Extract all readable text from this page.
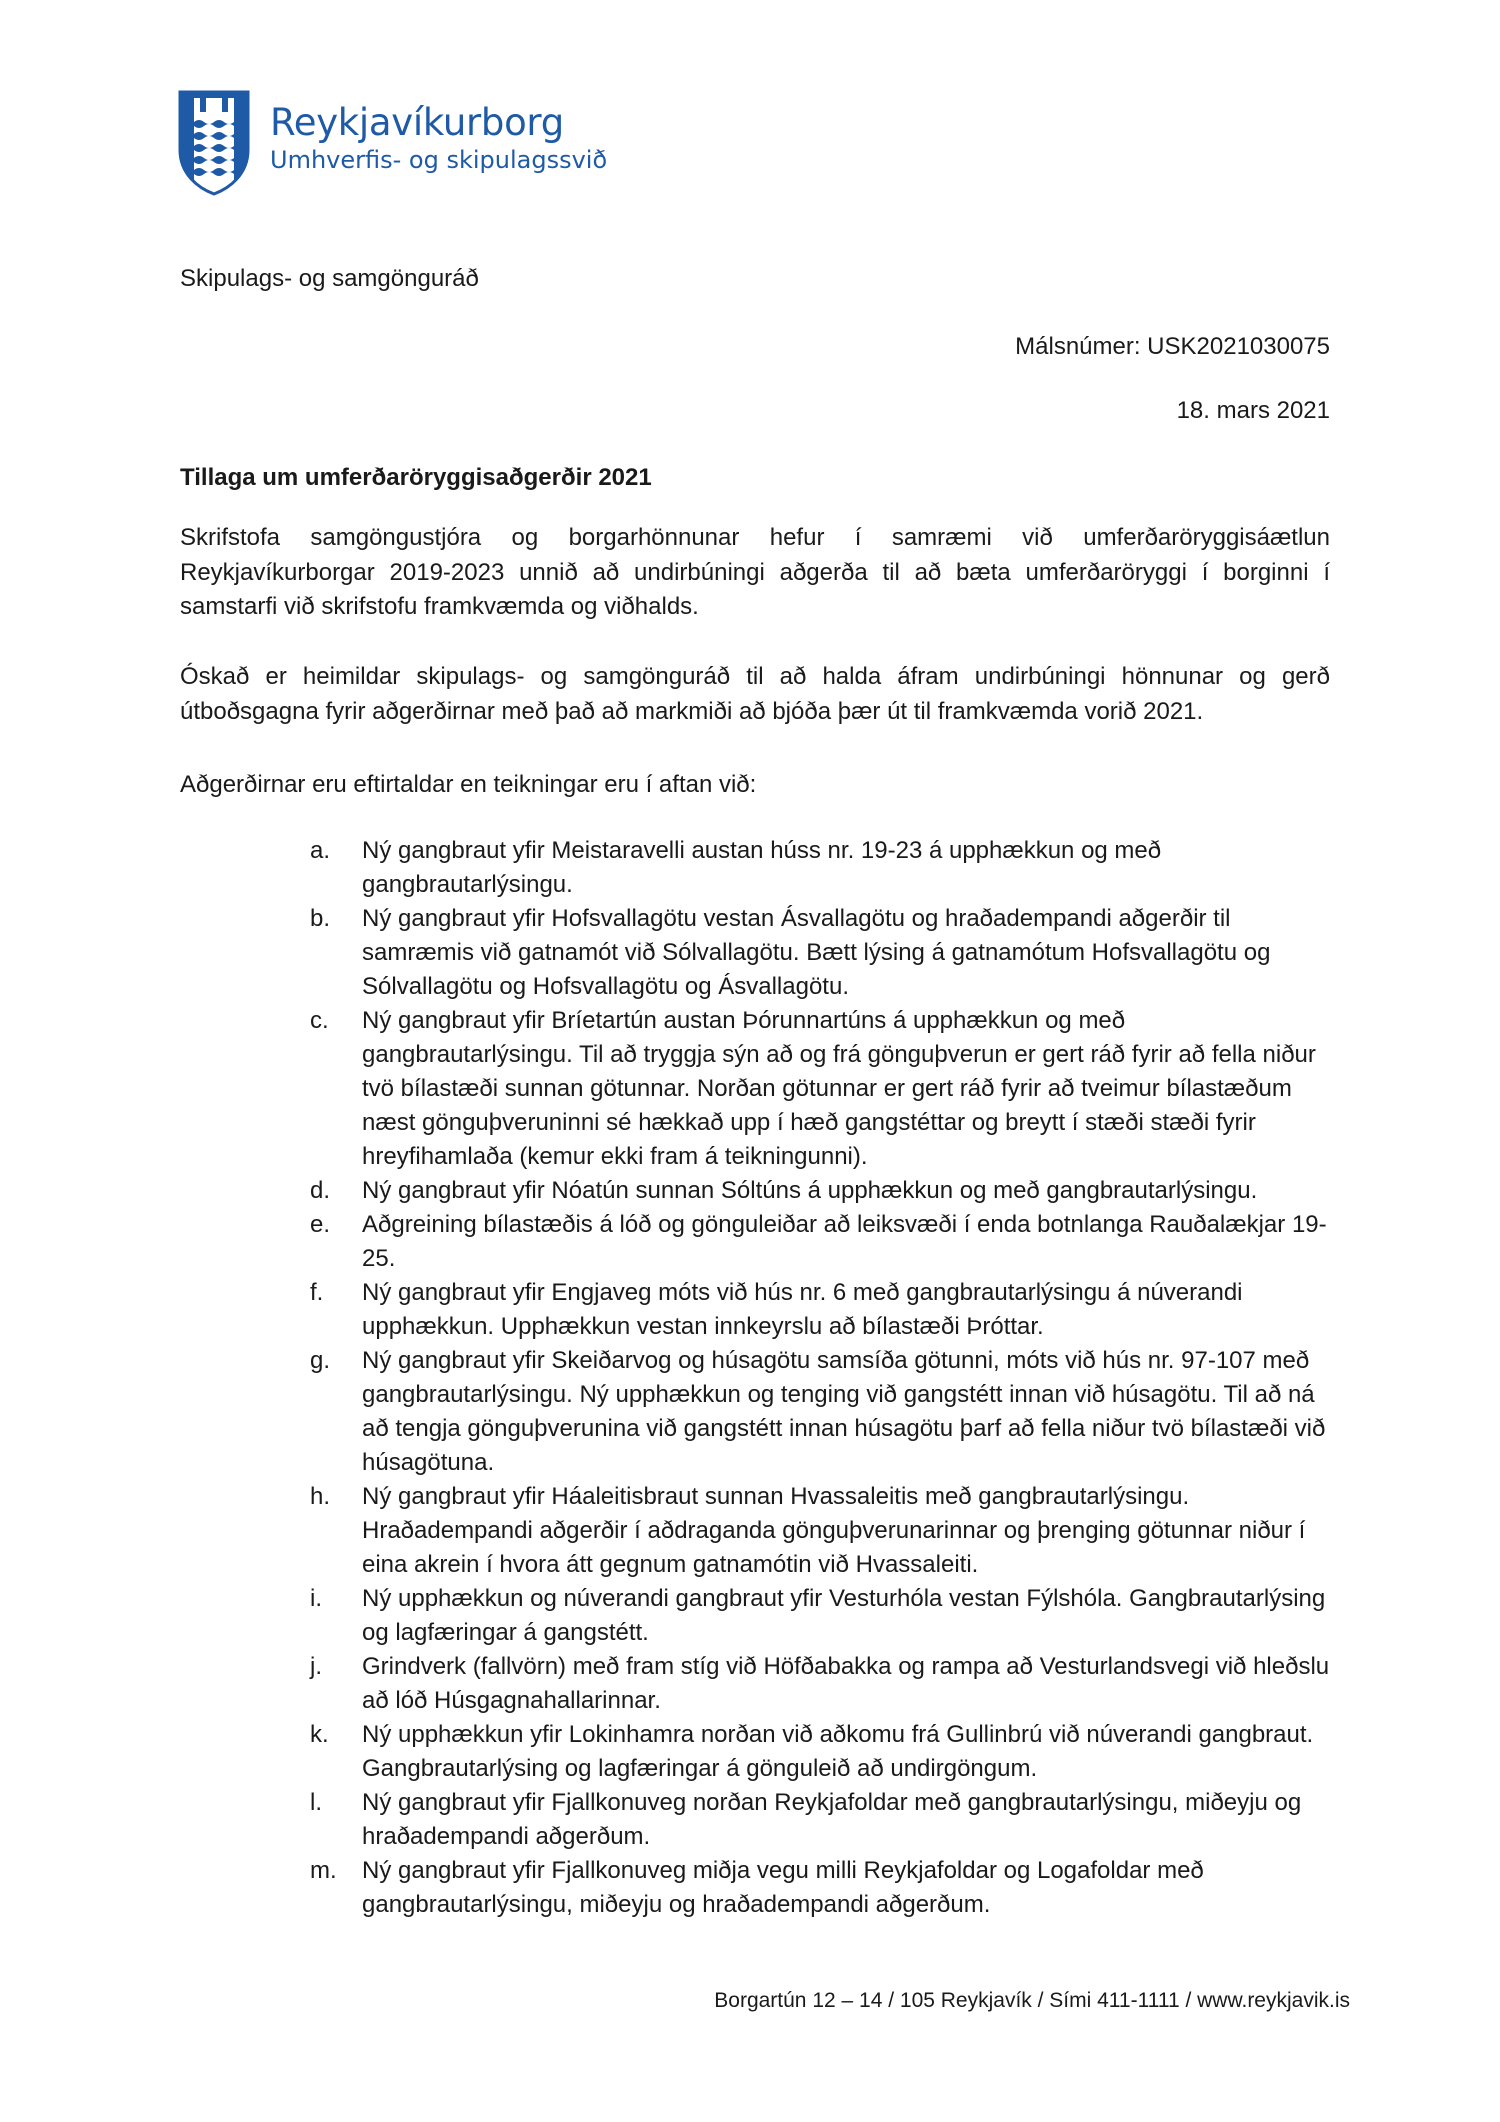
Reykjavíkurborg
Umhverfis- og skipulagssvið
Skipulags- og samgönguráð
Málsnúmer: USK2021030075
18. mars 2021
Tillaga um umferðaröryggisaðgerðir 2021
Skrifstofa samgöngustjóra og borgarhönnunar hefur í samræmi við umferðaröryggisáætlun Reykjavíkurborgar 2019-2023 unnið að undirbúningi aðgerða til að bæta umferðaröryggi í borginni í samstarfi við skrifstofu framkvæmda og viðhalds.
Óskað er heimildar skipulags- og samgönguráð til að halda áfram undirbúningi hönnunar og gerð útboðsgagna fyrir aðgerðirnar með það að markmiði að bjóða þær út til framkvæmda vorið 2021.
Aðgerðirnar eru eftirtaldar en teikningar eru í aftan við:
a.	Ný gangbraut yfir Meistaravelli austan húss nr. 19-23 á upphækkun og með gangbrautarlýsingu.
b.	Ný gangbraut yfir Hofsvallagötu vestan Ásvallagötu og hraðadempandi aðgerðir til samræmis við gatnamót við Sólvallagötu. Bætt lýsing á gatnamótum Hofsvallagötu og Sólvallagötu og Hofsvallagötu og Ásvallagötu.
c.	Ný gangbraut yfir Bríetartún austan Þórunnartúns á upphækkun og með gangbrautarlýsingu. Til að tryggja sýn að og frá gönguþverun er gert ráð fyrir að fella niður tvö bílastæði sunnan götunnar. Norðan götunnar er gert ráð fyrir að tveimur bílastæðum næst gönguþveruninni sé hækkað upp í hæð gangstéttar og breytt í stæði stæði fyrir hreyfihamlaða (kemur ekki fram á teikningunni).
d.	Ný gangbraut yfir Nóatún sunnan Sóltúns á upphækkun og með gangbrautarlýsingu.
e.	Aðgreining bílastæðis á lóð og gönguleiðar að leiksvæði í enda botnlanga Rauðalækjar 19-25.
f.	Ný gangbraut yfir Engjaveg móts við hús nr. 6 með gangbrautarlýsingu á núverandi upphækkun. Upphækkun vestan innkeyrslu að bílastæði Þróttar.
g.	Ný gangbraut yfir Skeiðarvog og húsagötu samsíða götunni, móts við hús nr. 97-107 með gangbrautarlýsingu. Ný upphækkun og tenging við gangstétt innan við húsagötu. Til að ná að tengja gönguþverunina við gangstétt innan húsagötu þarf að fella niður tvö bílastæði við húsagötuna.
h.	Ný gangbraut yfir Háaleitisbraut sunnan Hvassaleitis með gangbrautarlýsingu. Hraðadempandi aðgerðir í aðdraganda gönguþverunarinnar og þrenging götunnar niður í eina akrein í hvora átt gegnum gatnamótin við Hvassaleiti.
i.	Ný upphækkun og núverandi gangbraut yfir Vesturhóla vestan Fýlshóla. Gangbrautarlýsing og lagfæringar á gangstétt.
j.	Grindverk (fallvörn) með fram stíg við Höfðabakka og rampa að Vesturlandsvegi við hleðslu að lóð Húsgagnahallarinnar.
k.	Ný upphækkun yfir Lokinhamra norðan við aðkomu frá Gullinbrú við núverandi gangbraut. Gangbrautarlýsing og lagfæringar á gönguleið að undirgöngum.
l.	Ný gangbraut yfir Fjallkonuveg norðan Reykjafoldar með gangbrautarlýsingu, miðeyju og hraðadempandi aðgerðum.
m.	Ný gangbraut yfir Fjallkonuveg miðja vegu milli Reykjafoldar og Logafoldar með gangbrautarlýsingu, miðeyju og hraðadempandi aðgerðum.
Borgartún 12 – 14 / 105 Reykjavík / Sími 411-1111 / www.reykjavik.is
